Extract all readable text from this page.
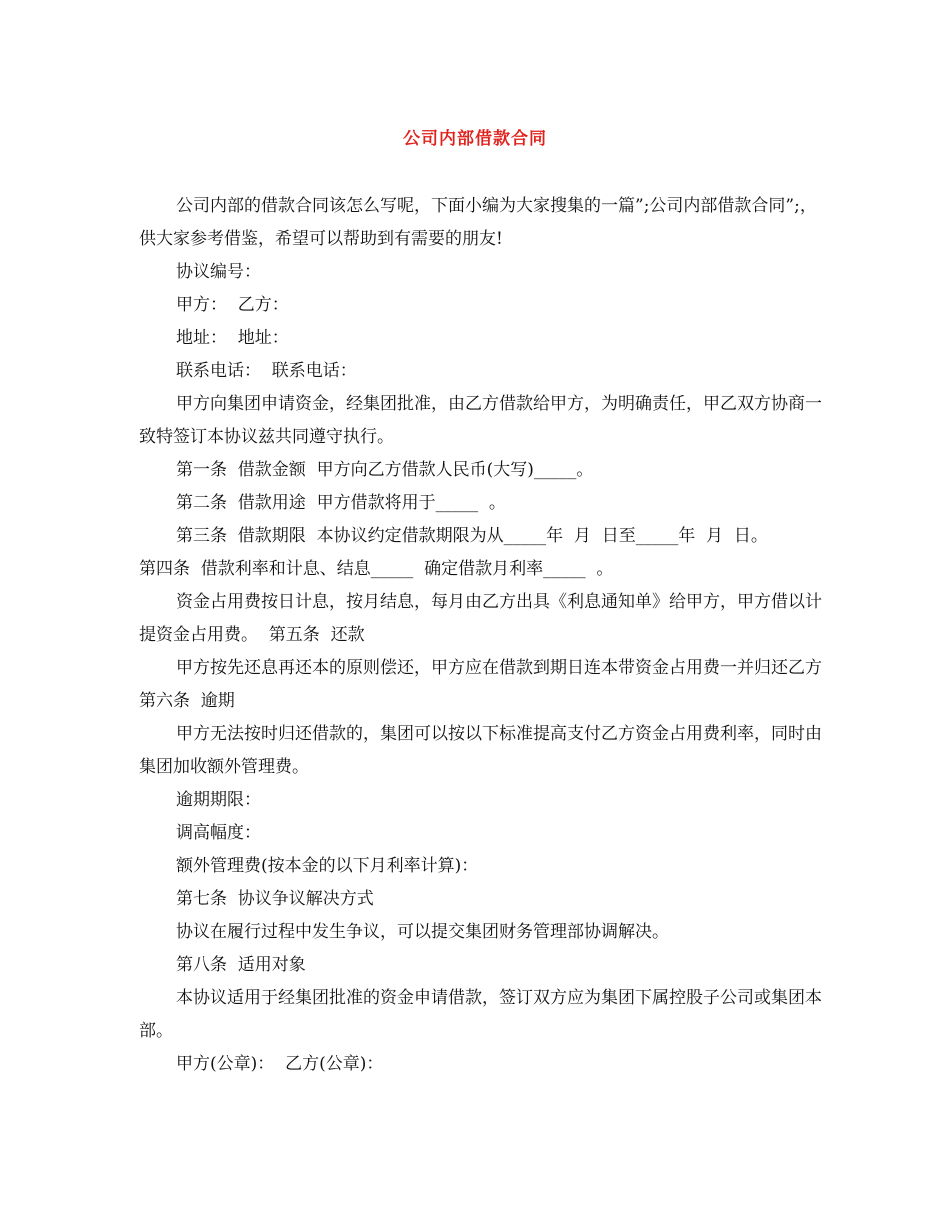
公司内部借款合同

公司内部的借款合同该怎么写呢，下面小编为大家搜集的一篇”;公司内部借款合同”;，供大家参考借鉴，希望可以帮助到有需要的朋友!

协议编号：

甲方：  乙方：

地址：  地址：

联系电话：  联系电话：

甲方向集团申请资金，经集团批准，由乙方借款给甲方，为明确责任，甲乙双方协商一致特签订本协议兹共同遵守执行。

第一条  借款金额  甲方向乙方借款人民币(大写)_____。

第二条  借款用途  甲方借款将用于_____  。

第三条  借款期限  本协议约定借款期限为从_____年  月  日至_____年  月  日。

第四条  借款利率和计息、结息_____  确定借款月利率_____  。

资金占用费按日计息，按月结息，每月由乙方出具《利息通知单》给甲方，甲方借以计提资金占用费。  第五条  还款

甲方按先还息再还本的原则偿还，甲方应在借款到期日连本带资金占用费一并归还乙方  第六条  逾期

甲方无法按时归还借款的，集团可以按以下标准提高支付乙方资金占用费利率，同时由集团加收额外管理费。

逾期期限：

调高幅度：

额外管理费(按本金的以下月利率计算)：

第七条  协议争议解决方式

协议在履行过程中发生争议，可以提交集团财务管理部协调解决。

第八条  适用对象

本协议适用于经集团批准的资金申请借款，签订双方应为集团下属控股子公司或集团本部。

甲方(公章)：  乙方(公章)：
